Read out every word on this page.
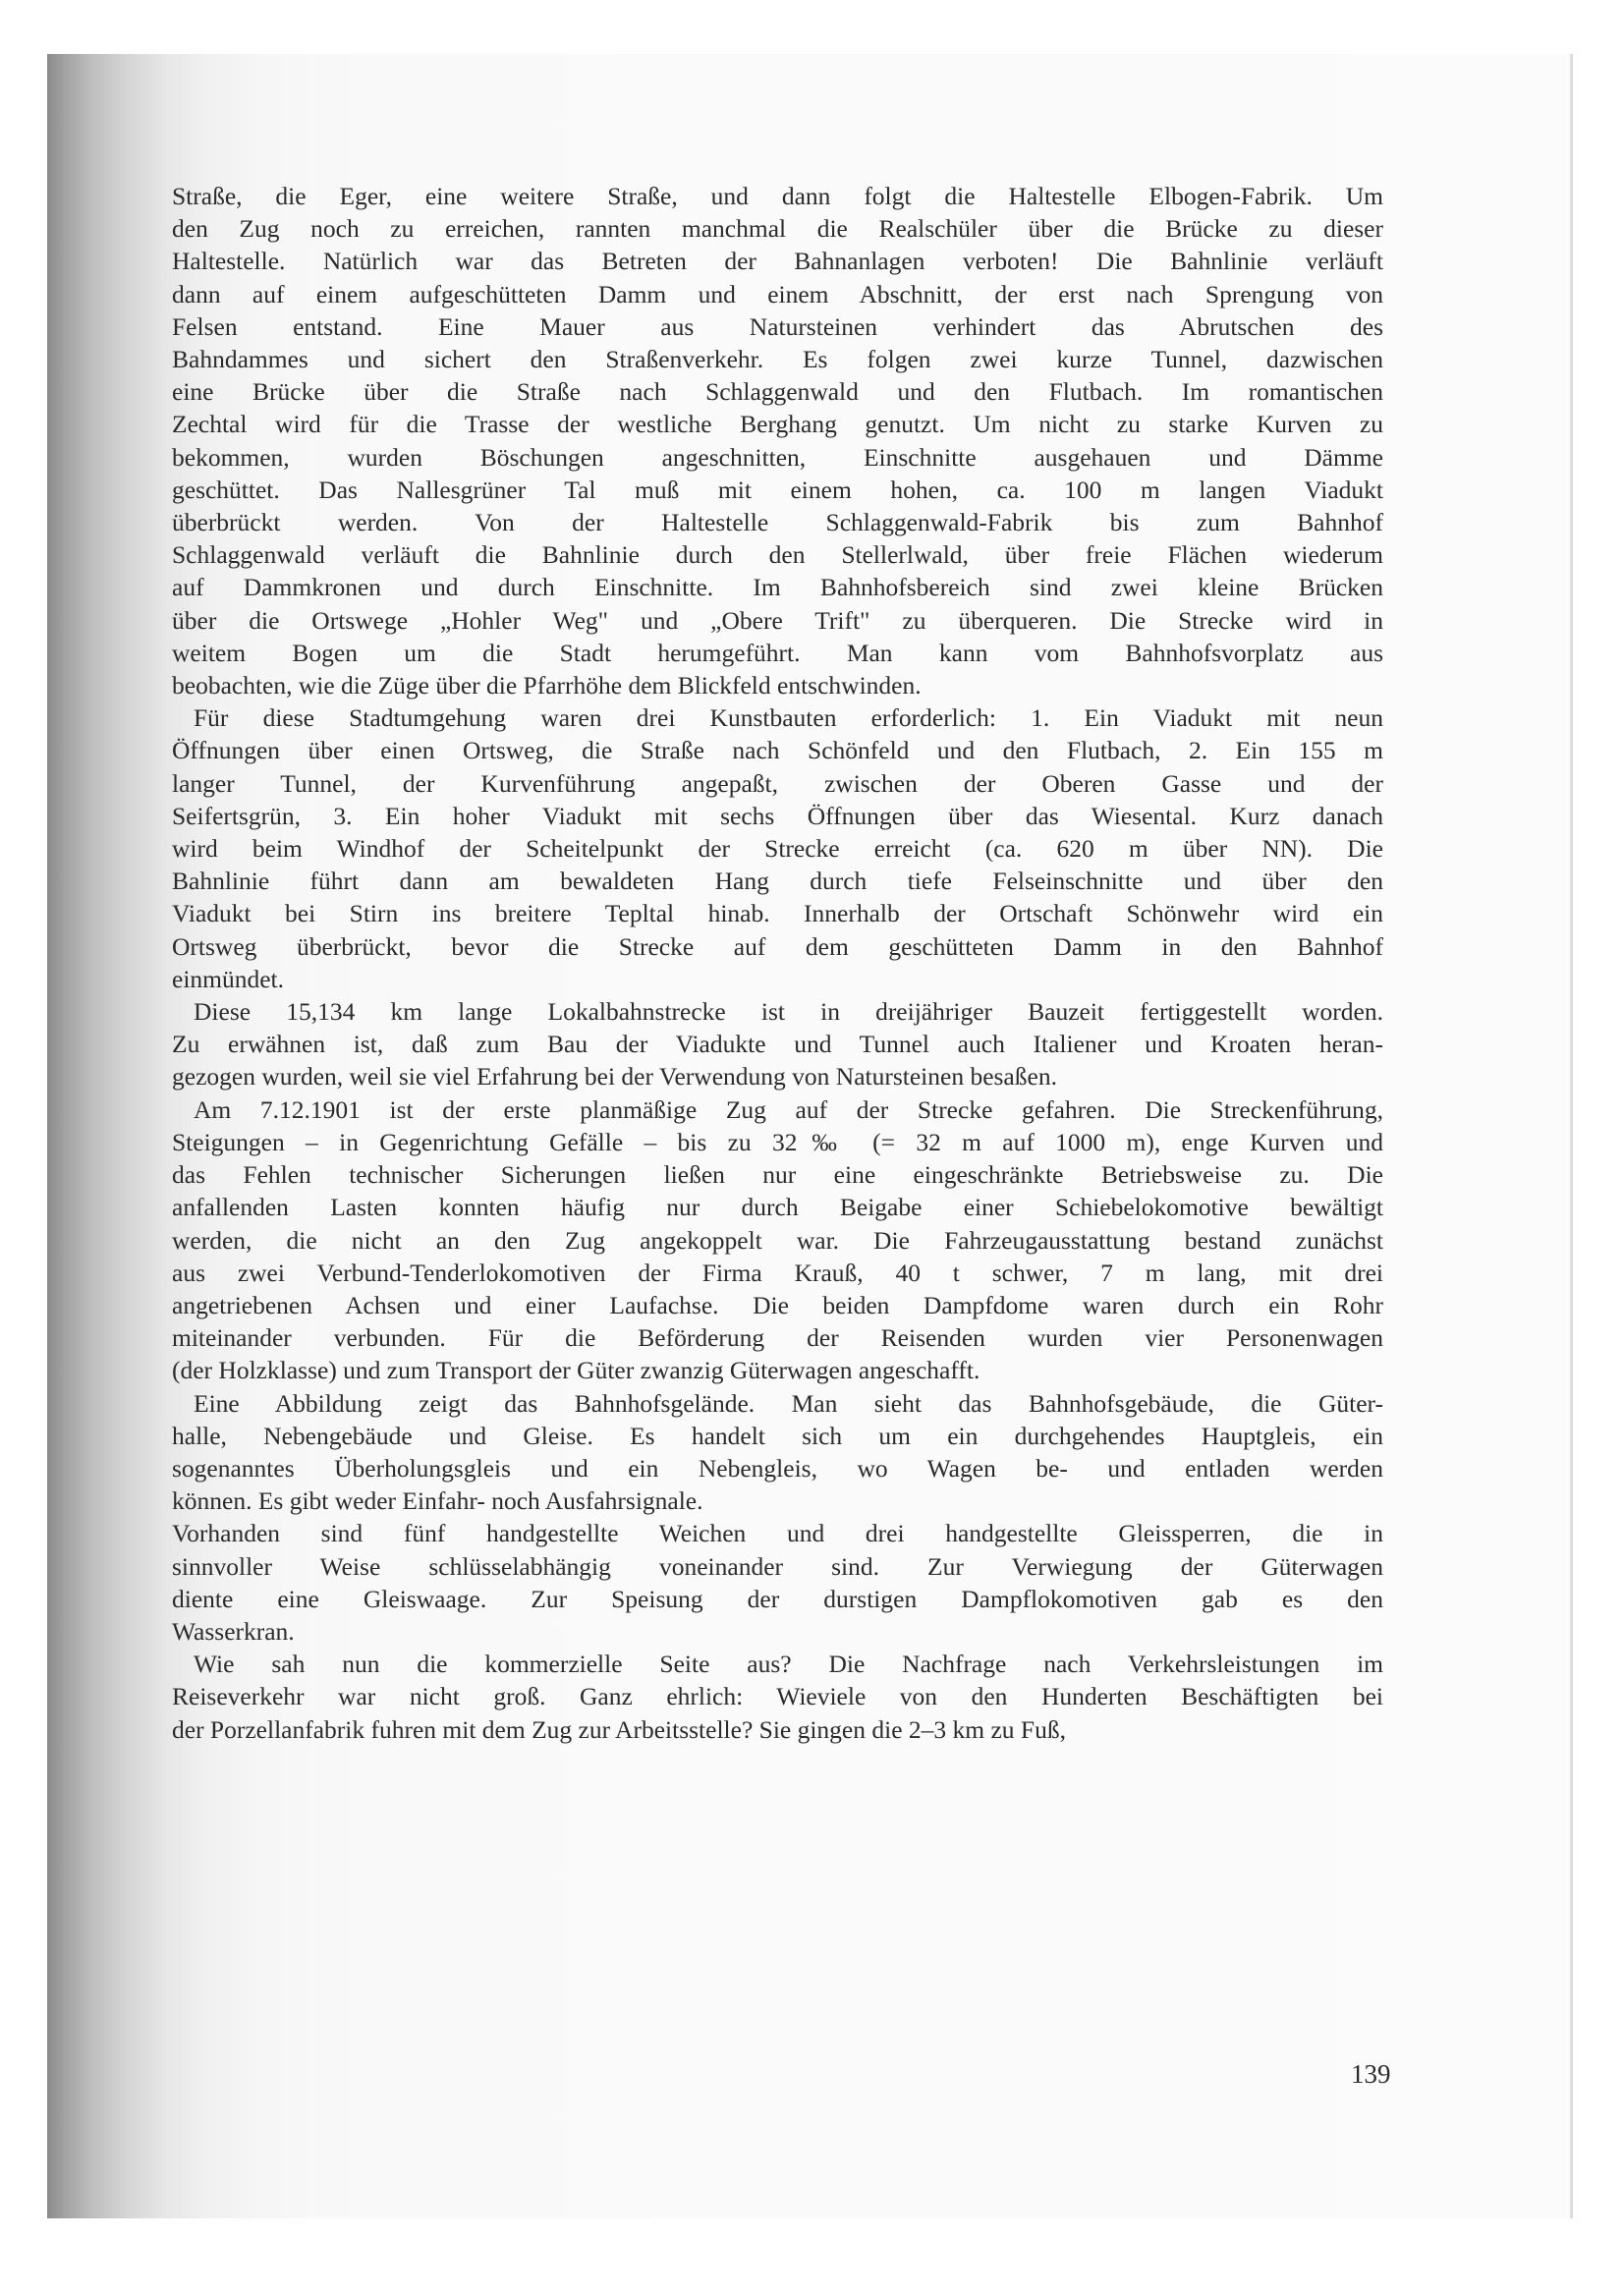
Straße, die Eger, eine weitere Straße, und dann folgt die Haltestelle Elbogen-Fabrik. Um
den Zug noch zu erreichen, rannten manchmal die Realschüler über die Brücke zu dieser
Haltestelle. Natürlich war das Betreten der Bahnanlagen verboten! Die Bahnlinie verläuft
dann auf einem aufgeschütteten Damm und einem Abschnitt, der erst nach Sprengung von
Felsen entstand. Eine Mauer aus Natursteinen verhindert das Abrutschen des
Bahndammes und sichert den Straßenverkehr. Es folgen zwei kurze Tunnel, dazwischen
eine Brücke über die Straße nach Schlaggenwald und den Flutbach. Im romantischen
Zechtal wird für die Trasse der westliche Berghang genutzt. Um nicht zu starke Kurven zu
bekommen, wurden Böschungen angeschnitten, Einschnitte ausgehauen und Dämme
geschüttet. Das Nallesgrüner Tal muß mit einem hohen, ca. 100 m langen Viadukt
überbrückt werden. Von der Haltestelle Schlaggenwald-Fabrik bis zum Bahnhof
Schlaggenwald verläuft die Bahnlinie durch den Stellerlwald, über freie Flächen wiederum
auf Dammkronen und durch Einschnitte. Im Bahnhofsbereich sind zwei kleine Brücken
über die Ortswege „Hohler Weg" und „Obere Trift" zu überqueren. Die Strecke wird in
weitem Bogen um die Stadt herumgeführt. Man kann vom Bahnhofsvorplatz aus
beobachten, wie die Züge über die Pfarrhöhe dem Blickfeld entschwinden.
Für diese Stadtumgehung waren drei Kunstbauten erforderlich: 1. Ein Viadukt mit neun
Öffnungen über einen Ortsweg, die Straße nach Schönfeld und den Flutbach, 2. Ein 155 m
langer Tunnel, der Kurvenführung angepaßt, zwischen der Oberen Gasse und der
Seifertsgrün, 3. Ein hoher Viadukt mit sechs Öffnungen über das Wiesental. Kurz danach
wird beim Windhof der Scheitelpunkt der Strecke erreicht (ca. 620 m über NN). Die
Bahnlinie führt dann am bewaldeten Hang durch tiefe Felseinschnitte und über den
Viadukt bei Stirn ins breitere Tepltal hinab. Innerhalb der Ortschaft Schönwehr wird ein
Ortsweg überbrückt, bevor die Strecke auf dem geschütteten Damm in den Bahnhof
einmündet.
Diese 15,134 km lange Lokalbahnstrecke ist in dreijähriger Bauzeit fertiggestellt worden.
Zu erwähnen ist, daß zum Bau der Viadukte und Tunnel auch Italiener und Kroaten heran-
gezogen wurden, weil sie viel Erfahrung bei der Verwendung von Natursteinen besaßen.
Am 7.12.1901 ist der erste planmäßige Zug auf der Strecke gefahren. Die Streckenführung,
Steigungen – in Gegenrichtung Gefälle – bis zu 32‰ (= 32 m auf 1000 m), enge Kurven und
das Fehlen technischer Sicherungen ließen nur eine eingeschränkte Betriebsweise zu. Die
anfallenden Lasten konnten häufig nur durch Beigabe einer Schiebelokomotive bewältigt
werden, die nicht an den Zug angekoppelt war. Die Fahrzeugausstattung bestand zunächst
aus zwei Verbund-Tenderlokomotiven der Firma Krauß, 40 t schwer, 7 m lang, mit drei
angetriebenen Achsen und einer Laufachse. Die beiden Dampfdome waren durch ein Rohr
miteinander verbunden. Für die Beförderung der Reisenden wurden vier Personenwagen
(der Holzklasse) und zum Transport der Güter zwanzig Güterwagen angeschafft.
Eine Abbildung zeigt das Bahnhofsgelände. Man sieht das Bahnhofsgebäude, die Güter-
halle, Nebengebäude und Gleise. Es handelt sich um ein durchgehendes Hauptgleis, ein
sogenanntes Überholungsgleis und ein Nebengleis, wo Wagen be- und entladen werden
können. Es gibt weder Einfahr- noch Ausfahrsignale.
Vorhanden sind fünf handgestellte Weichen und drei handgestellte Gleissperren, die in
sinnvoller Weise schlüsselabhängig voneinander sind. Zur Verwiegung der Güterwagen
diente eine Gleiswaage. Zur Speisung der durstigen Dampflokomotiven gab es den
Wasserkran.
Wie sah nun die kommerzielle Seite aus? Die Nachfrage nach Verkehrsleistungen im
Reiseverkehr war nicht groß. Ganz ehrlich: Wieviele von den Hunderten Beschäftigten bei
der Porzellanfabrik fuhren mit dem Zug zur Arbeitsstelle? Sie gingen die 2–3 km zu Fuß,
139
